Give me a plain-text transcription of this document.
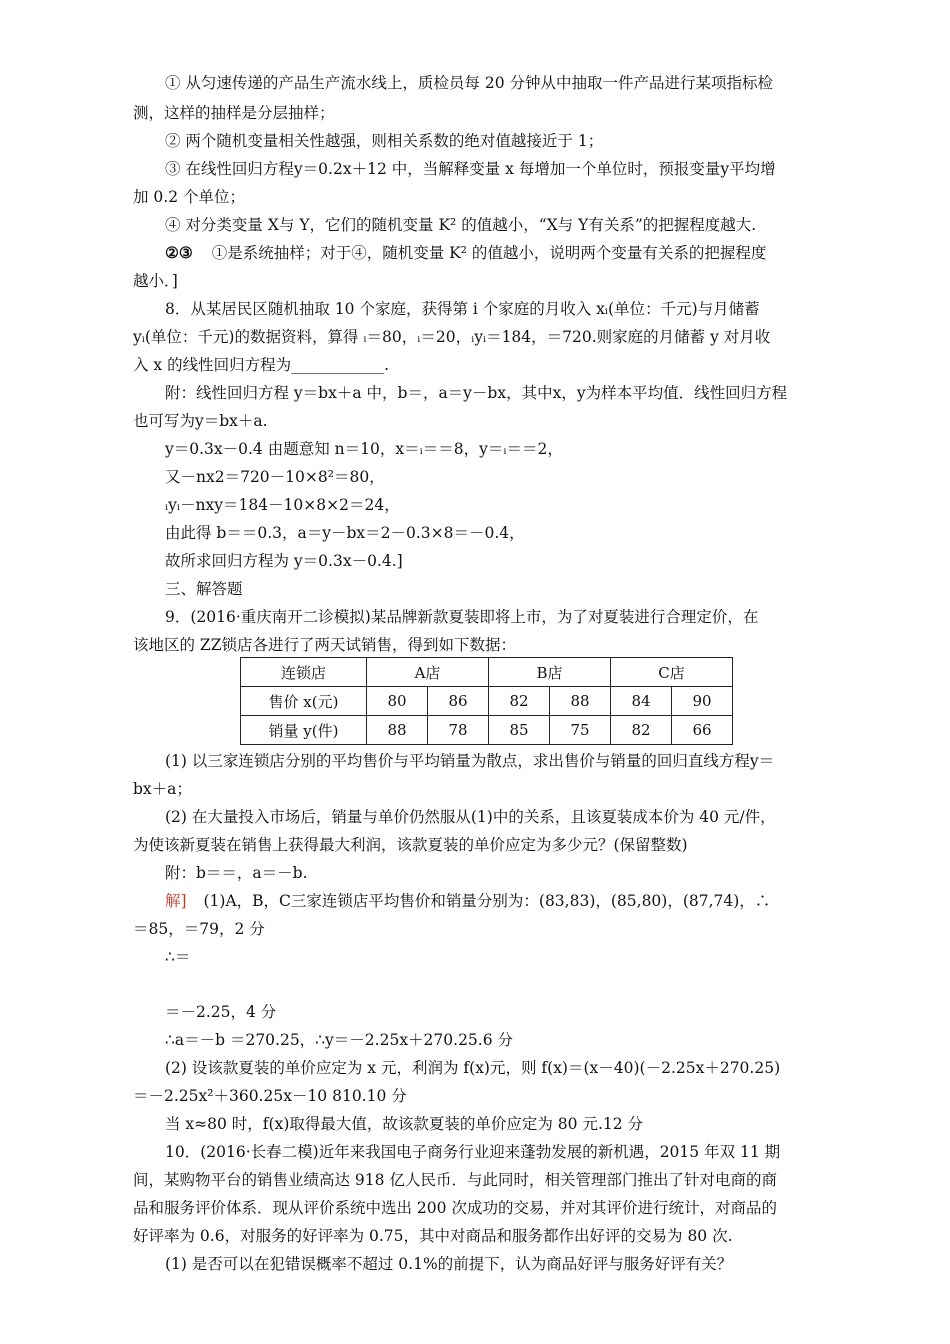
① 从匀速传递的产品生产流水线上，质检员每 20 分钟从中抽取一件产品进行某项指标检
测，这样的抽样是分层抽样；
② 两个随机变量相关性越强，则相关系数的绝对值越接近于 1；
③ 在线性回归方程y＝0.2x＋12 中，当解释变量 x 每增加一个单位时，预报变量y平均增
加 0.2 个单位；
④ 对分类变量 X与 Y，它们的随机变量 K² 的值越小，“X与 Y有关系”的把握程度越大.
②③ ①是系统抽样；对于④，随机变量 K² 的值越小，说明两个变量有关系的把握程度
越小．]
8．从某居民区随机抽取 10 个家庭，获得第 i 个家庭的月收入 xᵢ(单位：千元)与月储蓄
yᵢ(单位：千元)的数据资料，算得 ᵢ＝80，ᵢ＝20，ᵢyᵢ＝184，＝720.则家庭的月储蓄 y 对月收
入 x 的线性回归方程为____________.
附：线性回归方程 y＝bx＋a 中，b＝，a＝y－bx，其中x，y为样本平均值．线性回归方程
也可写为y＝bx＋a.
y＝0.3x－0.4 由题意知 n＝10，x＝ᵢ＝＝8，y＝ᵢ＝＝2，
又－nx2＝720－10×8²＝80，
ᵢyᵢ－nxy＝184－10×8×2＝24，
由此得 b＝＝0.3，a＝y－bx＝2－0.3×8＝－0.4，
故所求回归方程为 y＝0.3x－0.4.]
三、解答题
9．(2016·重庆南开二诊模拟)某品牌新款夏装即将上市，为了对夏装进行合理定价，在
该地区的 ZZ锁店各进行了两天试销售，得到如下数据：
连锁店	A店		B店		C店	
售价 x(元)	80	86	82	88	84	90
销量 y(件)	88	78	85	75	82	66
(1) 以三家连锁店分别的平均售价与平均销量为散点，求出售价与销量的回归直线方程y＝
bx＋a；
(2) 在大量投入市场后，销量与单价仍然服从(1)中的关系，且该夏装成本价为 40 元/件，
为使该新夏装在销售上获得最大利润，该款夏装的单价应定为多少元？(保留整数)
附：b＝＝，a＝－b.
解] (1)A，B，C三家连锁店平均售价和销量分别为：(83,83)，(85,80)，(87,74)，∴
＝85，＝79，2 分
∴＝
＝－2.25，4 分
∴a＝－b ＝270.25，∴y＝－2.25x＋270.25.6 分
(2) 设该款夏装的单价应定为 x 元，利润为 f(x)元，则 f(x)＝(x－40)(－2.25x＋270.25)
＝－2.25x²＋360.25x－10 810.10 分
当 x≈80 时，f(x)取得最大值，故该款夏装的单价应定为 80 元.12 分
10．(2016·长春二模)近年来我国电子商务行业迎来蓬勃发展的新机遇，2015 年双 11 期
间，某购物平台的销售业绩高达 918 亿人民币．与此同时，相关管理部门推出了针对电商的商
品和服务评价体系．现从评价系统中选出 200 次成功的交易，并对其评价进行统计，对商品的
好评率为 0.6，对服务的好评率为 0.75，其中对商品和服务都作出好评的交易为 80 次.
(1) 是否可以在犯错误概率不超过 0.1%的前提下，认为商品好评与服务好评有关？
